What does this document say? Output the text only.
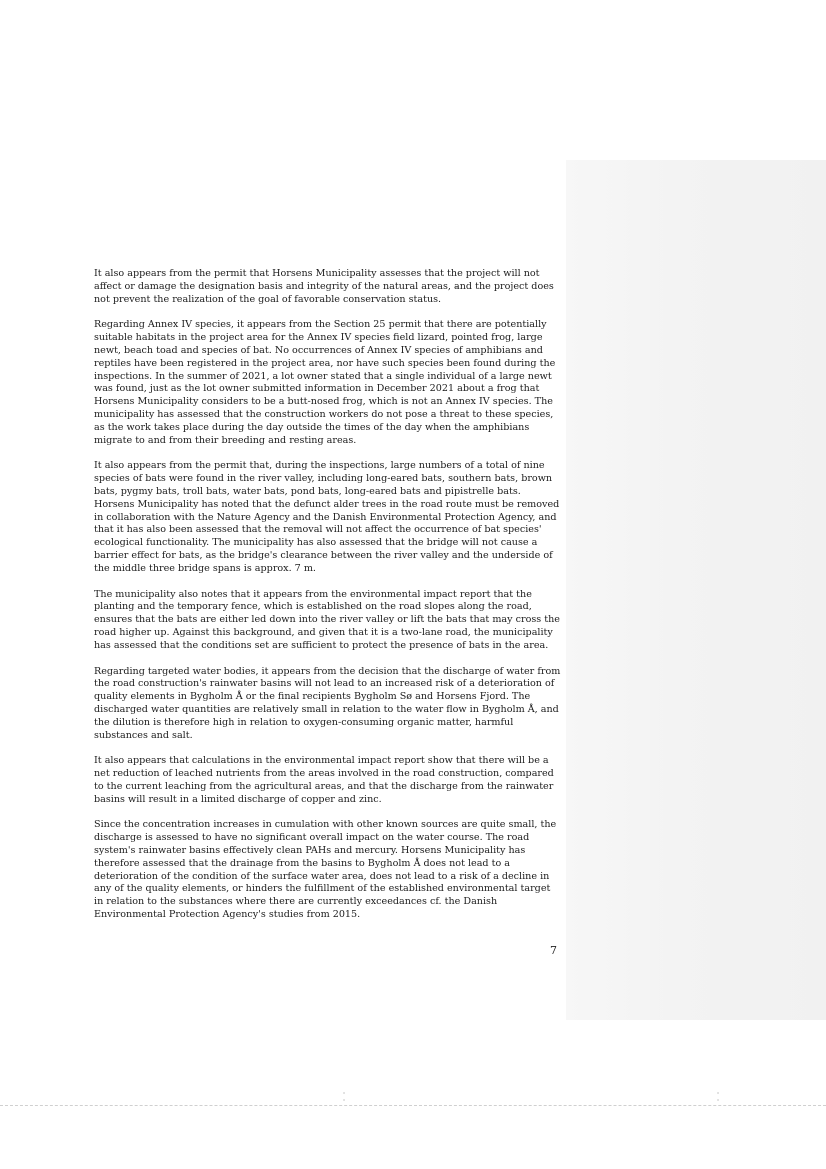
It also appears from the permit that Horsens Municipality assesses that the project will not affect or damage the designation basis and integrity of the natural areas, and the project does not prevent the realization of the goal of favorable conservation status.

Regarding Annex IV species, it appears from the Section 25 permit that there are potentially suitable habitats in the project area for the Annex IV species field lizard, pointed frog, large newt, beach toad and species of bat. No occurrences of Annex IV species of amphibians and reptiles have been registered in the project area, nor have such species been found during the inspections. In the summer of 2021, a lot owner stated that a single individual of a large newt was found, just as the lot owner submitted information in December 2021 about a frog that Horsens Municipality considers to be a butt-nosed frog, which is not an Annex IV species. The municipality has assessed that the construction workers do not pose a threat to these species, as the work takes place during the day outside the times of the day when the amphibians migrate to and from their breeding and resting areas.

It also appears from the permit that, during the inspections, large numbers of a total of nine species of bats were found in the river valley, including long-eared bats, southern bats, brown bats, pygmy bats, troll bats, water bats, pond bats, long-eared bats and pipistrelle bats. Horsens Municipality has noted that the defunct alder trees in the road route must be removed in collaboration with the Nature Agency and the Danish Environmental Protection Agency, and that it has also been assessed that the removal will not affect the occurrence of bat species' ecological functionality. The municipality has also assessed that the bridge will not cause a barrier effect for bats, as the bridge's clearance between the river valley and the underside of the middle three bridge spans is approx. 7 m.

The municipality also notes that it appears from the environmental impact report that the planting and the temporary fence, which is established on the road slopes along the road, ensures that the bats are either led down into the river valley or lift the bats that may cross the road higher up. Against this background, and given that it is a two-lane road, the municipality has assessed that the conditions set are sufficient to protect the presence of bats in the area.

Regarding targeted water bodies, it appears from the decision that the discharge of water from the road construction's rainwater basins will not lead to an increased risk of a deterioration of quality elements in Bygholm Å or the final recipients Bygholm Sø and Horsens Fjord. The discharged water quantities are relatively small in relation to the water flow in Bygholm Å, and the dilution is therefore high in relation to oxygen-consuming organic matter, harmful substances and salt.

It also appears that calculations in the environmental impact report show that there will be a net reduction of leached nutrients from the areas involved in the road construction, compared to the current leaching from the agricultural areas, and that the discharge from the rainwater basins will result in a limited discharge of copper and zinc.

Since the concentration increases in cumulation with other known sources are quite small, the discharge is assessed to have no significant overall impact on the water course. The road system's rainwater basins effectively clean PAHs and mercury. Horsens Municipality has therefore assessed that the drainage from the basins to Bygholm Å does not lead to a deterioration of the condition of the surface water area, does not lead to a risk of a decline in any of the quality elements, or hinders the fulfillment of the established environmental target in relation to the substances where there are currently exceedances cf. the Danish Environmental Protection Agency's studies from 2015.

7
·
·
·
·
